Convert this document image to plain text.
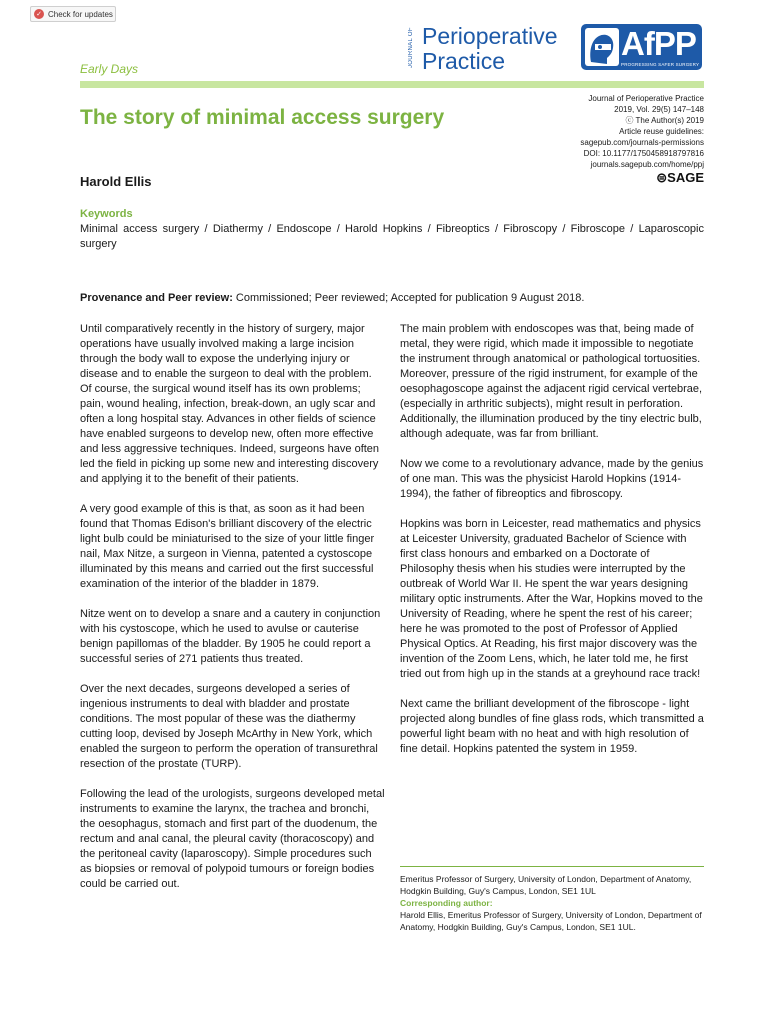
✓ Check for updates
JOURNAL OF Perioperative
Practice	AfPP
PROGRESSING SAFER SURGERY
Early Days
The story of minimal access surgery
Journal of Perioperative Practice
2019, Vol. 29(5) 147–148
ⓒ The Author(s) 2019
Article reuse guidelines:
sagepub.com/journals-permissions
DOI: 10.1177/1750458918797816
journals.sagepub.com/home/ppj
⊜SAGE
Harold Ellis
Keywords
Minimal access surgery / Diathermy / Endoscope / Harold Hopkins / Fibreoptics / Fibroscopy / Fibroscope / Laparoscopic surgery
Provenance and Peer review: Commissioned; Peer reviewed; Accepted for publication 9 August 2018.

Until comparatively recently in the history of surgery, major operations have usually involved making a large incision through the body wall to expose the underlying injury or disease and to enable the surgeon to deal with the problem. Of course, the surgical wound itself has its own problems; pain, wound healing, infection, break-down, an ugly scar and often a long hospital stay. Advances in other fields of science have enabled surgeons to develop new, often more effective and less aggressive techniques. Indeed, surgeons have often led the field in picking up some new and interesting discovery and applying it to the benefit of their patients.

A very good example of this is that, as soon as it had been found that Thomas Edison's brilliant discovery of the electric light bulb could be miniaturised to the size of your little finger nail, Max Nitze, a surgeon in Vienna, patented a cystoscope illuminated by this means and carried out the first successful examination of the interior of the bladder in 1879.

Nitze went on to develop a snare and a cautery in conjunction with his cystoscope, which he used to avulse or cauterise benign papillomas of the bladder. By 1905 he could report a successful series of 271 patients thus treated.

Over the next decades, surgeons developed a series of ingenious instruments to deal with bladder and prostate conditions. The most popular of these was the diathermy cutting loop, devised by Joseph McArthy in New York, which enabled the surgeon to perform the operation of transurethral resection of the prostate (TURP).

Following the lead of the urologists, surgeons developed metal instruments to examine the larynx, the trachea and bronchi, the oesophagus, stomach and first part of the duodenum, the rectum and anal canal, the pleural cavity (thoracoscopy) and the peritoneal cavity (laparoscopy). Simple procedures such as biopsies or removal of polypoid tumours or foreign bodies could be carried out.

The main problem with endoscopes was that, being made of metal, they were rigid, which made it impossible to negotiate the instrument through anatomical or pathological tortuosities. Moreover, pressure of the rigid instrument, for example of the oesophagoscope against the adjacent rigid cervical vertebrae, (especially in arthritic subjects), might result in perforation. Additionally, the illumination produced by the tiny electric bulb, although adequate, was far from brilliant.

Now we come to a revolutionary advance, made by the genius of one man. This was the physicist Harold Hopkins (1914-1994), the father of fibreoptics and fibroscopy.

Hopkins was born in Leicester, read mathematics and physics at Leicester University, graduated Bachelor of Science with first class honours and embarked on a Doctorate of Philosophy thesis when his studies were interrupted by the outbreak of World War II. He spent the war years designing military optic instruments. After the War, Hopkins moved to the University of Reading, where he spent the rest of his career; here he was promoted to the post of Professor of Applied Physical Optics. At Reading, his first major discovery was the invention of the Zoom Lens, which, he later told me, he first tried out from high up in the stands at a greyhound race track!

Next came the brilliant development of the fibroscope - light projected along bundles of fine glass rods, which transmitted a powerful light beam with no heat and with high resolution of fine detail. Hopkins patented the system in 1959.

Emeritus Professor of Surgery, University of London, Department of Anatomy, Hodgkin Building, Guy's Campus, London, SE1 1UL
Corresponding author:
Harold Ellis, Emeritus Professor of Surgery, University of London, Department of Anatomy, Hodgkin Building, Guy's Campus, London, SE1 1UL.
